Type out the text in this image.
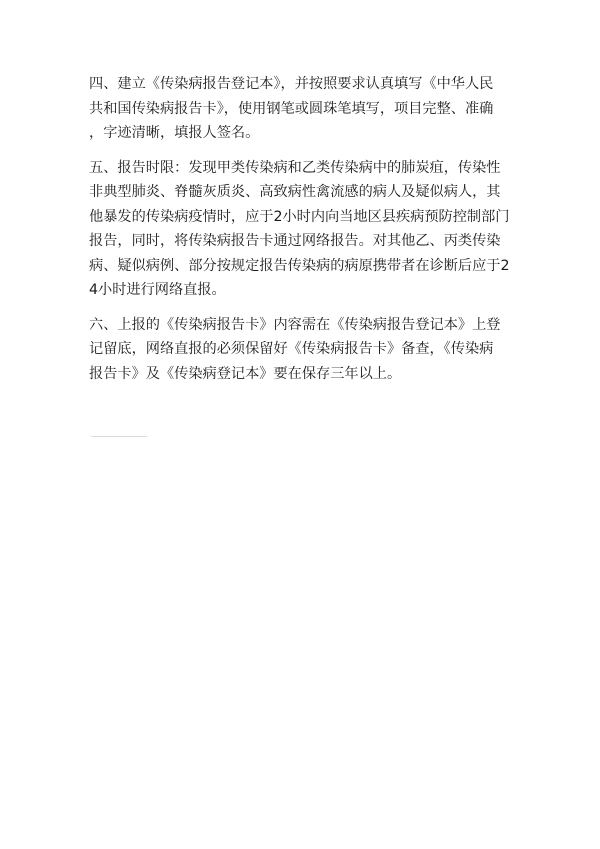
四、建立《传染病报告登记本》，并按照要求认真填写《中华人民
共和国传染病报告卡》，使用钢笔或圆珠笔填写，项目完整、准确
，字迹清晰，填报人签名。

五、报告时限：发现甲类传染病和乙类传染病中的肺炭疽，传染性
非典型肺炎、脊髓灰质炎、高致病性禽流感的病人及疑似病人，其
他暴发的传染病疫情时，应于2小时内向当地区县疾病预防控制部门
报告，同时，将传染病报告卡通过网络报告。对其他乙、丙类传染
病、疑似病例、部分按规定报告传染病的病原携带者在诊断后应于2
4小时进行网络直报。

六、上报的《传染病报告卡》内容需在《传染病报告登记本》上登
记留底，网络直报的必须保留好《传染病报告卡》备查，《传染病
报告卡》及《传染病登记本》要在保存三年以上。
